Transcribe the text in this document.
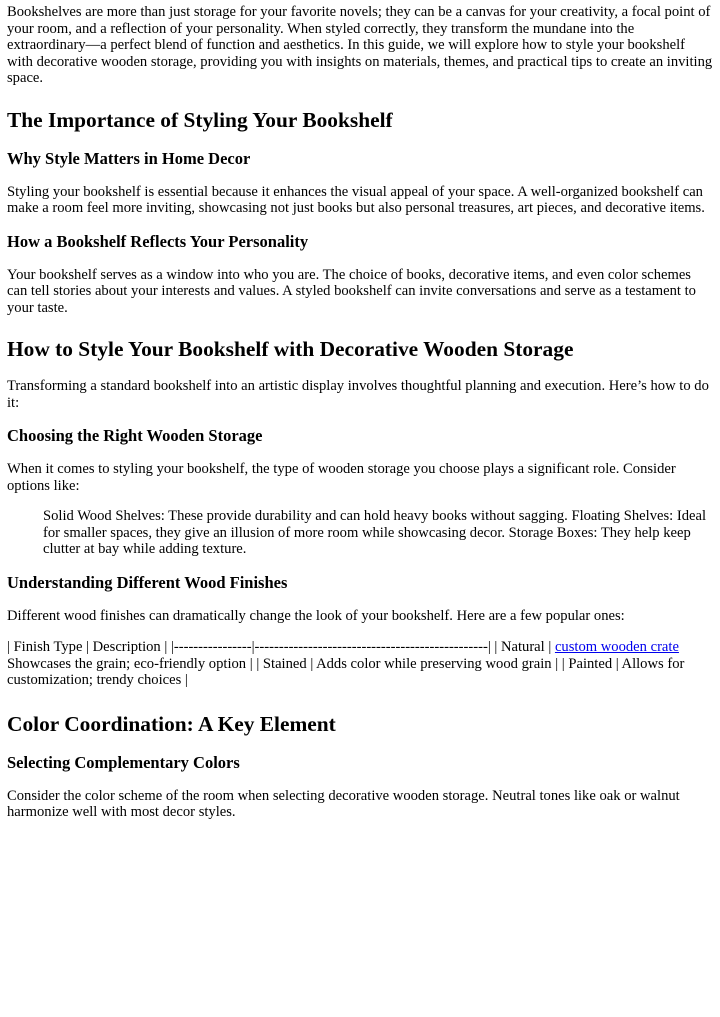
Bookshelves are more than just storage for your favorite novels; they can be a canvas for your creativity, a focal point of your room, and a reflection of your personality. When styled correctly, they transform the mundane into the extraordinary—a perfect blend of function and aesthetics. In this guide, we will explore how to style your bookshelf with decorative wooden storage, providing you with insights on materials, themes, and practical tips to create an inviting space.

The Importance of Styling Your Bookshelf
Why Style Matters in Home Decor

Styling your bookshelf is essential because it enhances the visual appeal of your space. A well-organized bookshelf can make a room feel more inviting, showcasing not just books but also personal treasures, art pieces, and decorative items.

How a Bookshelf Reflects Your Personality

Your bookshelf serves as a window into who you are. The choice of books, decorative items, and even color schemes can tell stories about your interests and values. A styled bookshelf can invite conversations and serve as a testament to your taste.

How to Style Your Bookshelf with Decorative Wooden Storage

Transforming a standard bookshelf into an artistic display involves thoughtful planning and execution. Here’s how to do it:

Choosing the Right Wooden Storage

When it comes to styling your bookshelf, the type of wooden storage you choose plays a significant role. Consider options like:

Solid Wood Shelves: These provide durability and can hold heavy books without sagging. Floating Shelves: Ideal for smaller spaces, they give an illusion of more room while showcasing decor. Storage Boxes: They help keep clutter at bay while adding texture.

Understanding Different Wood Finishes

Different wood finishes can dramatically change the look of your bookshelf. Here are a few popular ones:

| Finish Type | Description | |----------------|------------------------------------------------| | Natural | custom wooden crate Showcases the grain; eco-friendly option | | Stained | Adds color while preserving wood grain | | Painted | Allows for customization; trendy choices |

Color Coordination: A Key Element
Selecting Complementary Colors

Consider the color scheme of the room when selecting decorative wooden storage. Neutral tones like oak or walnut harmonize well with most decor styles.
